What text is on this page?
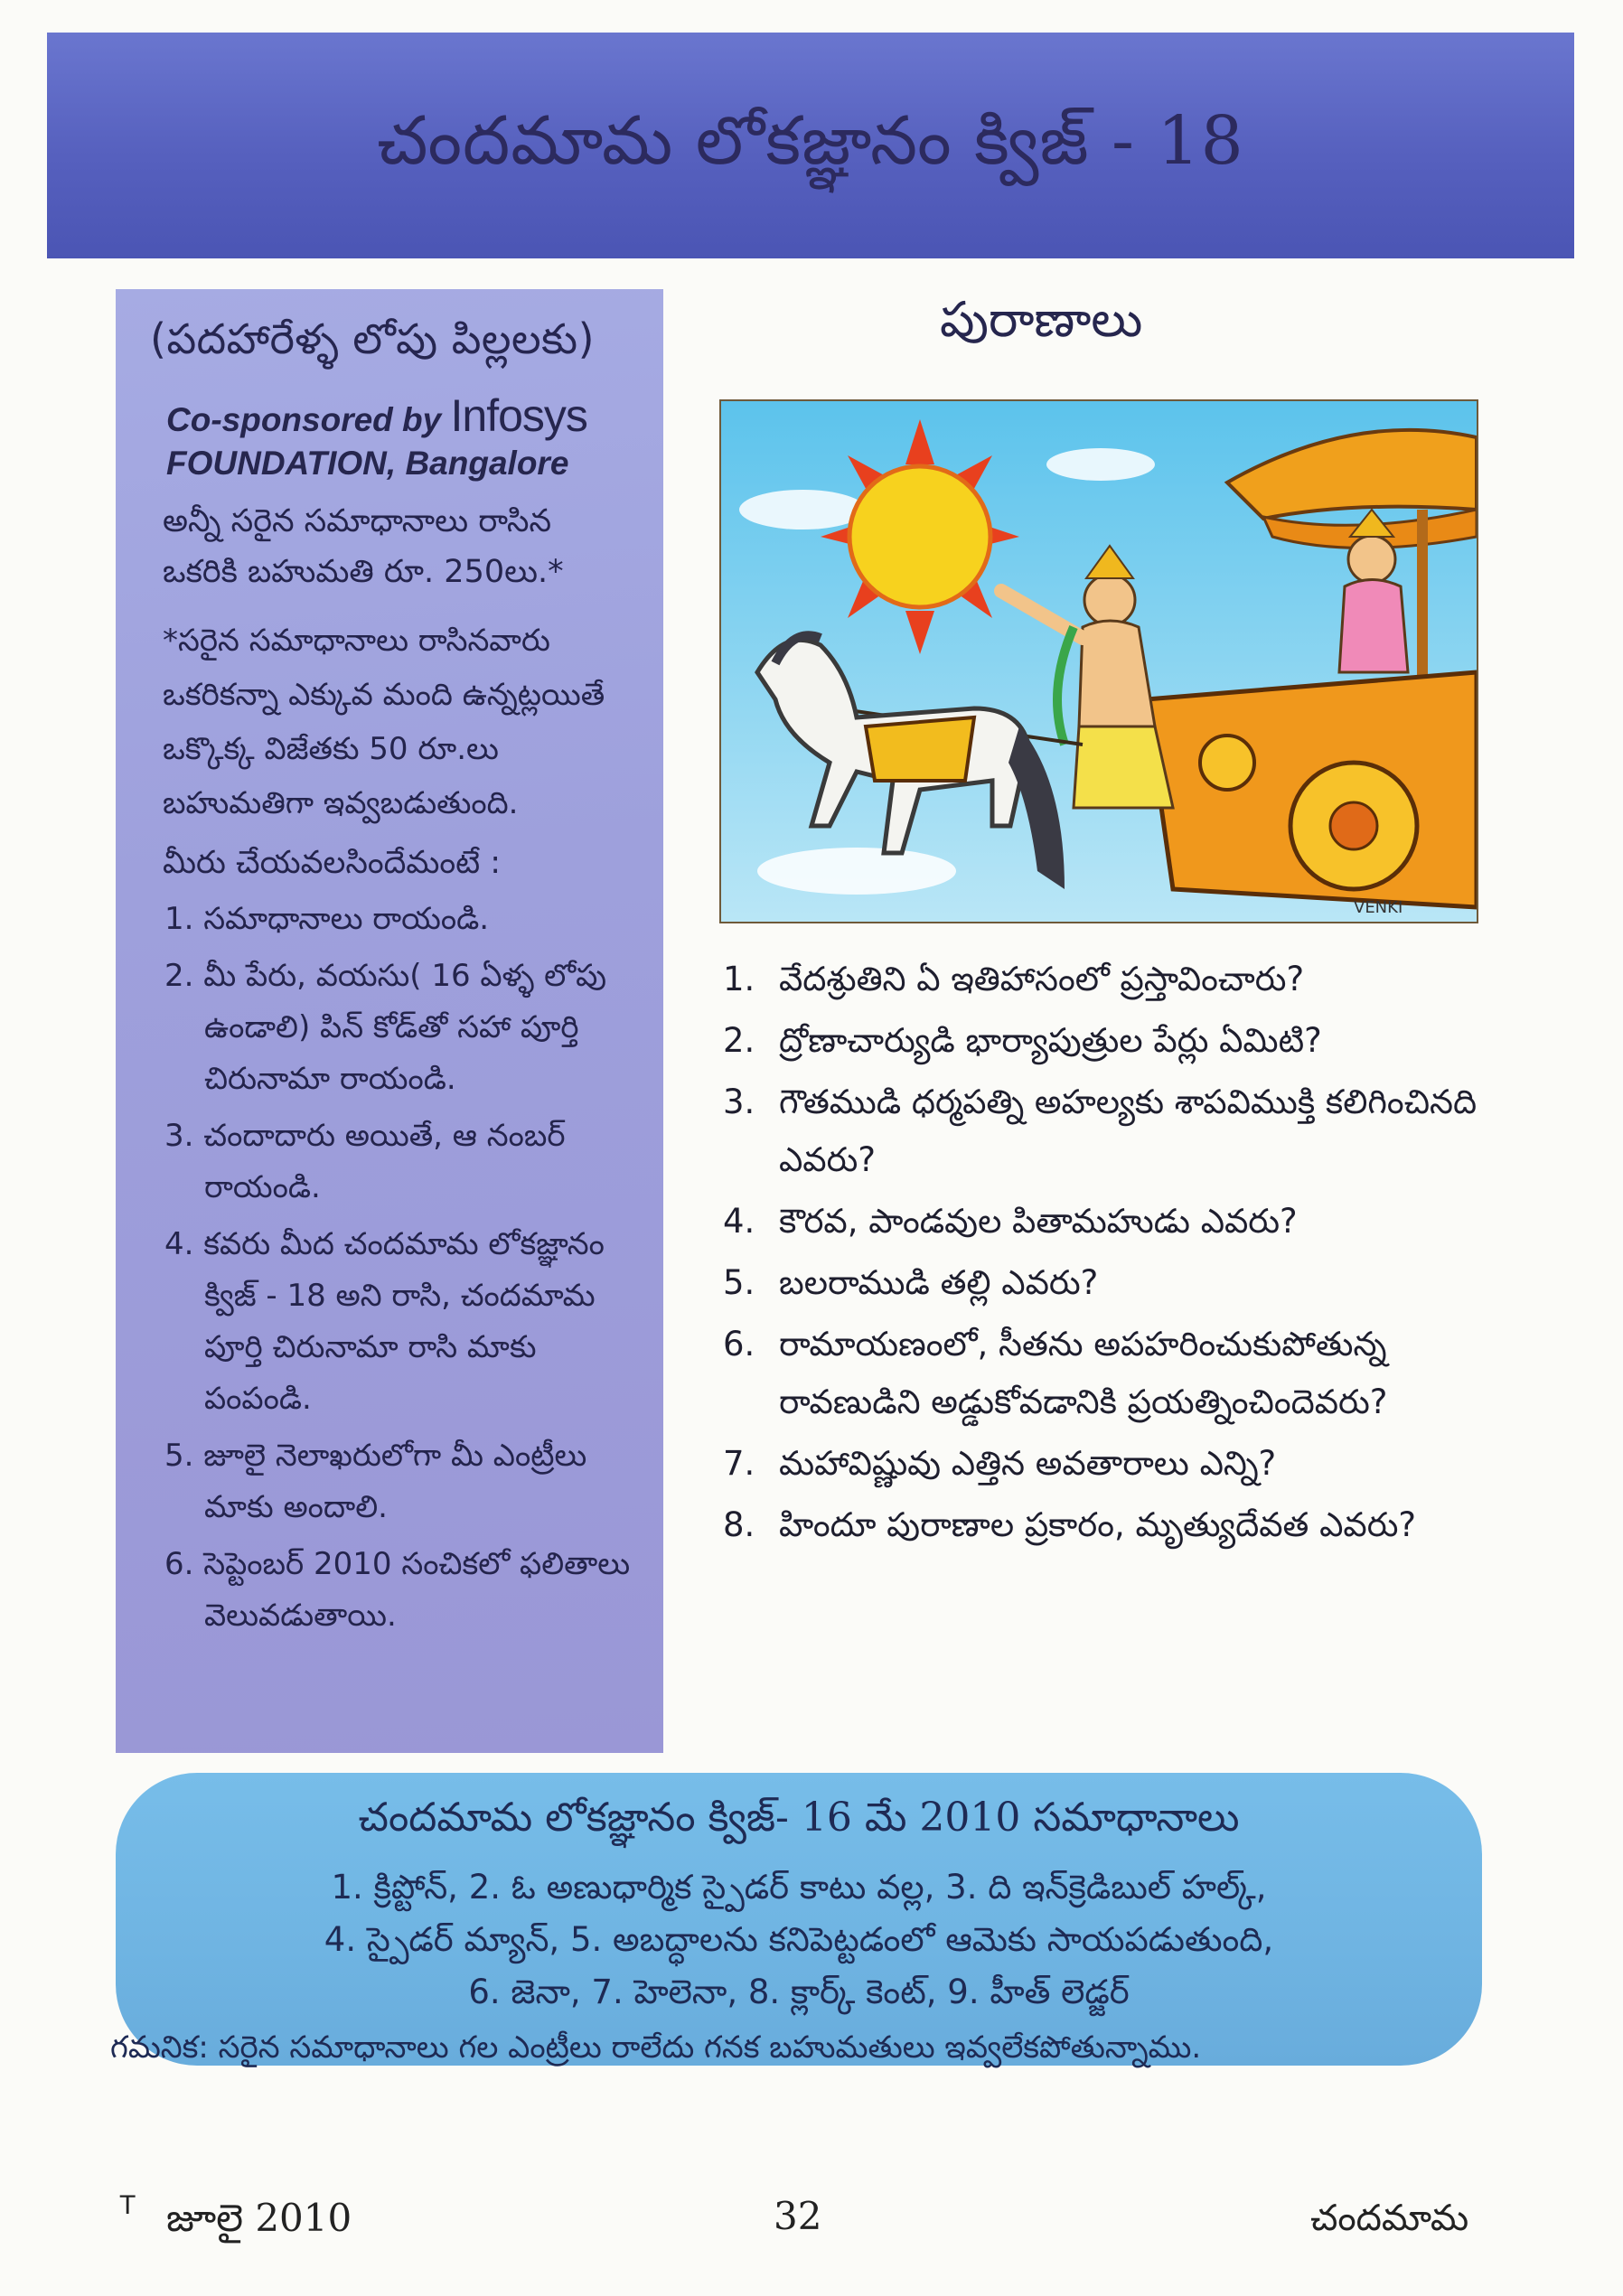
చందమామ లోకజ్ఞానం క్విజ్ - 18
(పదహారేళ్ళ లోపు పిల్లలకు)
Co-sponsored by Infosys
FOUNDATION, Bangalore
అన్నీ సరైన సమాధానాలు రాసిన
ఒకరికి బహుమతి రూ. 250లు.*
*సరైన సమాధానాలు రాసినవారు
ఒకరికన్నా ఎక్కువ మంది ఉన్నట్లయితే
ఒక్కొక్క విజేతకు 50 రూ.లు
బహుమతిగా ఇవ్వబడుతుంది.
మీరు చేయవలసిందేమంటే :
1. సమాధానాలు రాయండి.
2. మీ పేరు, వయసు( 16 ఏళ్ళ లోపు ఉండాలి) పిన్ కోడ్‌తో సహా పూర్తి చిరునామా రాయండి.
3. చందాదారు అయితే, ఆ నంబర్ రాయండి.
4. కవరు మీద చందమామ లోకజ్ఞానం క్విజ్ - 18 అని రాసి, చందమామ పూర్తి చిరునామా రాసి మాకు పంపండి.
5. జూలై నెలాఖరులోగా మీ ఎంట్రీలు మాకు అందాలి.
6. సెప్టెంబర్ 2010 సంచికలో ఫలితాలు వెలువడుతాయి.
పురాణాలు
VENKI
1. వేదశ్రుతిని ఏ ఇతిహాసంలో ప్రస్తావించారు?
2. ద్రోణాచార్యుడి భార్యాపుత్రుల పేర్లు ఏమిటి?
3. గౌతముడి ధర్మపత్ని అహల్యకు శాపవిముక్తి కలిగించినది ఎవరు?
4. కౌరవ, పాండవుల పితామహుడు ఎవరు?
5. బలరాముడి తల్లి ఎవరు?
6. రామాయణంలో, సీతను అపహరించుకుపోతున్న రావణుడిని అడ్డుకోవడానికి ప్రయత్నించిందెవరు?
7. మహావిష్ణువు ఎత్తిన అవతారాలు ఎన్ని?
8. హిందూ పురాణాల ప్రకారం, మృత్యుదేవత ఎవరు?
చందమామ లోకజ్ఞానం క్విజ్- 16 మే 2010 సమాధానాలు
1. క్రిప్టోన్, 2. ఓ అణుధార్మిక స్పైడర్ కాటు వల్ల, 3. ది ఇన్‌క్రెడిబుల్ హల్క్,
4. స్పైడర్ మ్యాన్, 5. అబద్ధాలను కనిపెట్టడంలో ఆమెకు సాయపడుతుంది,
6. జెనా, 7. హెలెనా, 8. క్లార్క్ కెంట్, 9. హీత్ లెడ్జర్
గమనిక: సరైన సమాధానాలు గల ఎంట్రీలు రాలేదు గనక బహుమతులు ఇవ్వలేకపోతున్నాము.
T జూలై 2010	32	చందమామ
